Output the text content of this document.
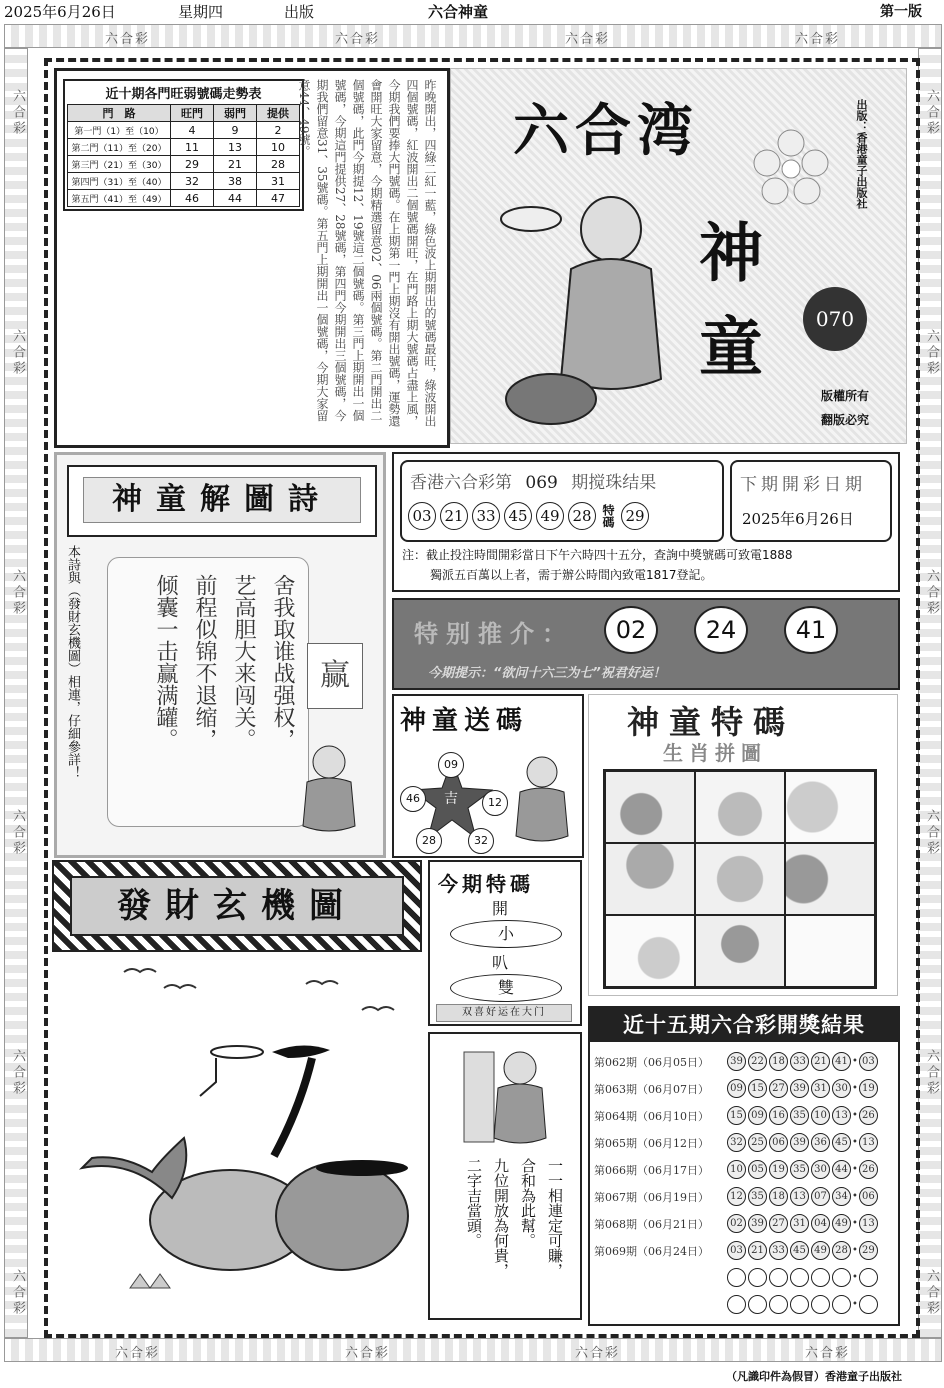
2025年6月26日	星期四	出版	六合神童	第一版
六合彩	六合彩	六合彩	六合彩
六合彩	六合彩	六合彩	六合彩
六合彩
六合彩
六合彩
六合彩
六合彩
六合彩
六合彩
六合彩
六合彩
六合彩
六合彩
六合彩
近十期各門旺弱號碼走勢表
門　路	旺門	弱門	提供
第一門（1）至（10）	4	9	2
第二門（11）至（20）	11	13	10
第三門（21）至（30）	29	21	28
第四門（31）至（40）	32	38	31
第五門（41）至（49）	46	44	47	昨晚開出，四綠二紅一藍，綠色波上期開出的號碼最旺，綠波開出四個號碼，紅波開出二個號碼開旺，在門路上期大號碼占盡上風，今期我們要捧大門號碼。在上期第一門上期沒有開出號碼，運勢還會開旺大家留意，今期精選留意02、06兩個號碼。第二門開出二個號碼，此門今期提12、19號這二個號碼。第三門上期開出一個號碼，今期這門提供27、28號碼，第四門今期開出三個號碼，今期我們留意31、35號碼。第五門上期開出一個號碼，今期大家留意44、49號。	六合湾
神童
出版：香港童子出版社
070
版權所有
翻版必究
神童解圖詩
本詩與（發財玄機圖）相連，仔細參詳！	舍我取谁战强权，
艺高胆大来闯关。
前程似锦不退缩，
倾囊一击赢满罐。	赢
香港六合彩第 069 期搅珠结果
03 21 33 45 49 28 特碼 29
下期開彩日期
2025年6月26日
注：截止投注時間開彩當日下午六時四十五分，查詢中獎號碼可致電1888
獨派五百萬以上者，需于辦公時間內致電1817登記。
特别推介：	02	24	41
今期提示：“欲问十六三为七”祝君好运！
神童送碼
吉
09
46	12
28	32
神童特碼
生肖拼圖
發財玄機圖
今期特碼
開
小
叭
雙
双喜好运在大门
一一相連定可賺，
合和為此幫。
九位開放為何貴，
二字吉當頭。
近十五期六合彩開獎結果
第062期（06月05日）	39 22 18 33 21 41 • 03
第063期（06月07日）	09 15 27 39 31 30 • 19
第064期（06月10日）	15 09 16 35 10 13 • 26
第065期（06月12日）	32 25 06 39 36 45 • 13
第066期（06月17日）	10 05 19 35 30 44 • 26
第067期（06月19日）	12 35 18 13 07 34 • 06
第068期（06月21日）	02 39 27 31 04 49 • 13
第069期（06月24日）	03 21 33 45 49 28 • 29
•
•
（凡識印件為假冒）香港童子出版社
